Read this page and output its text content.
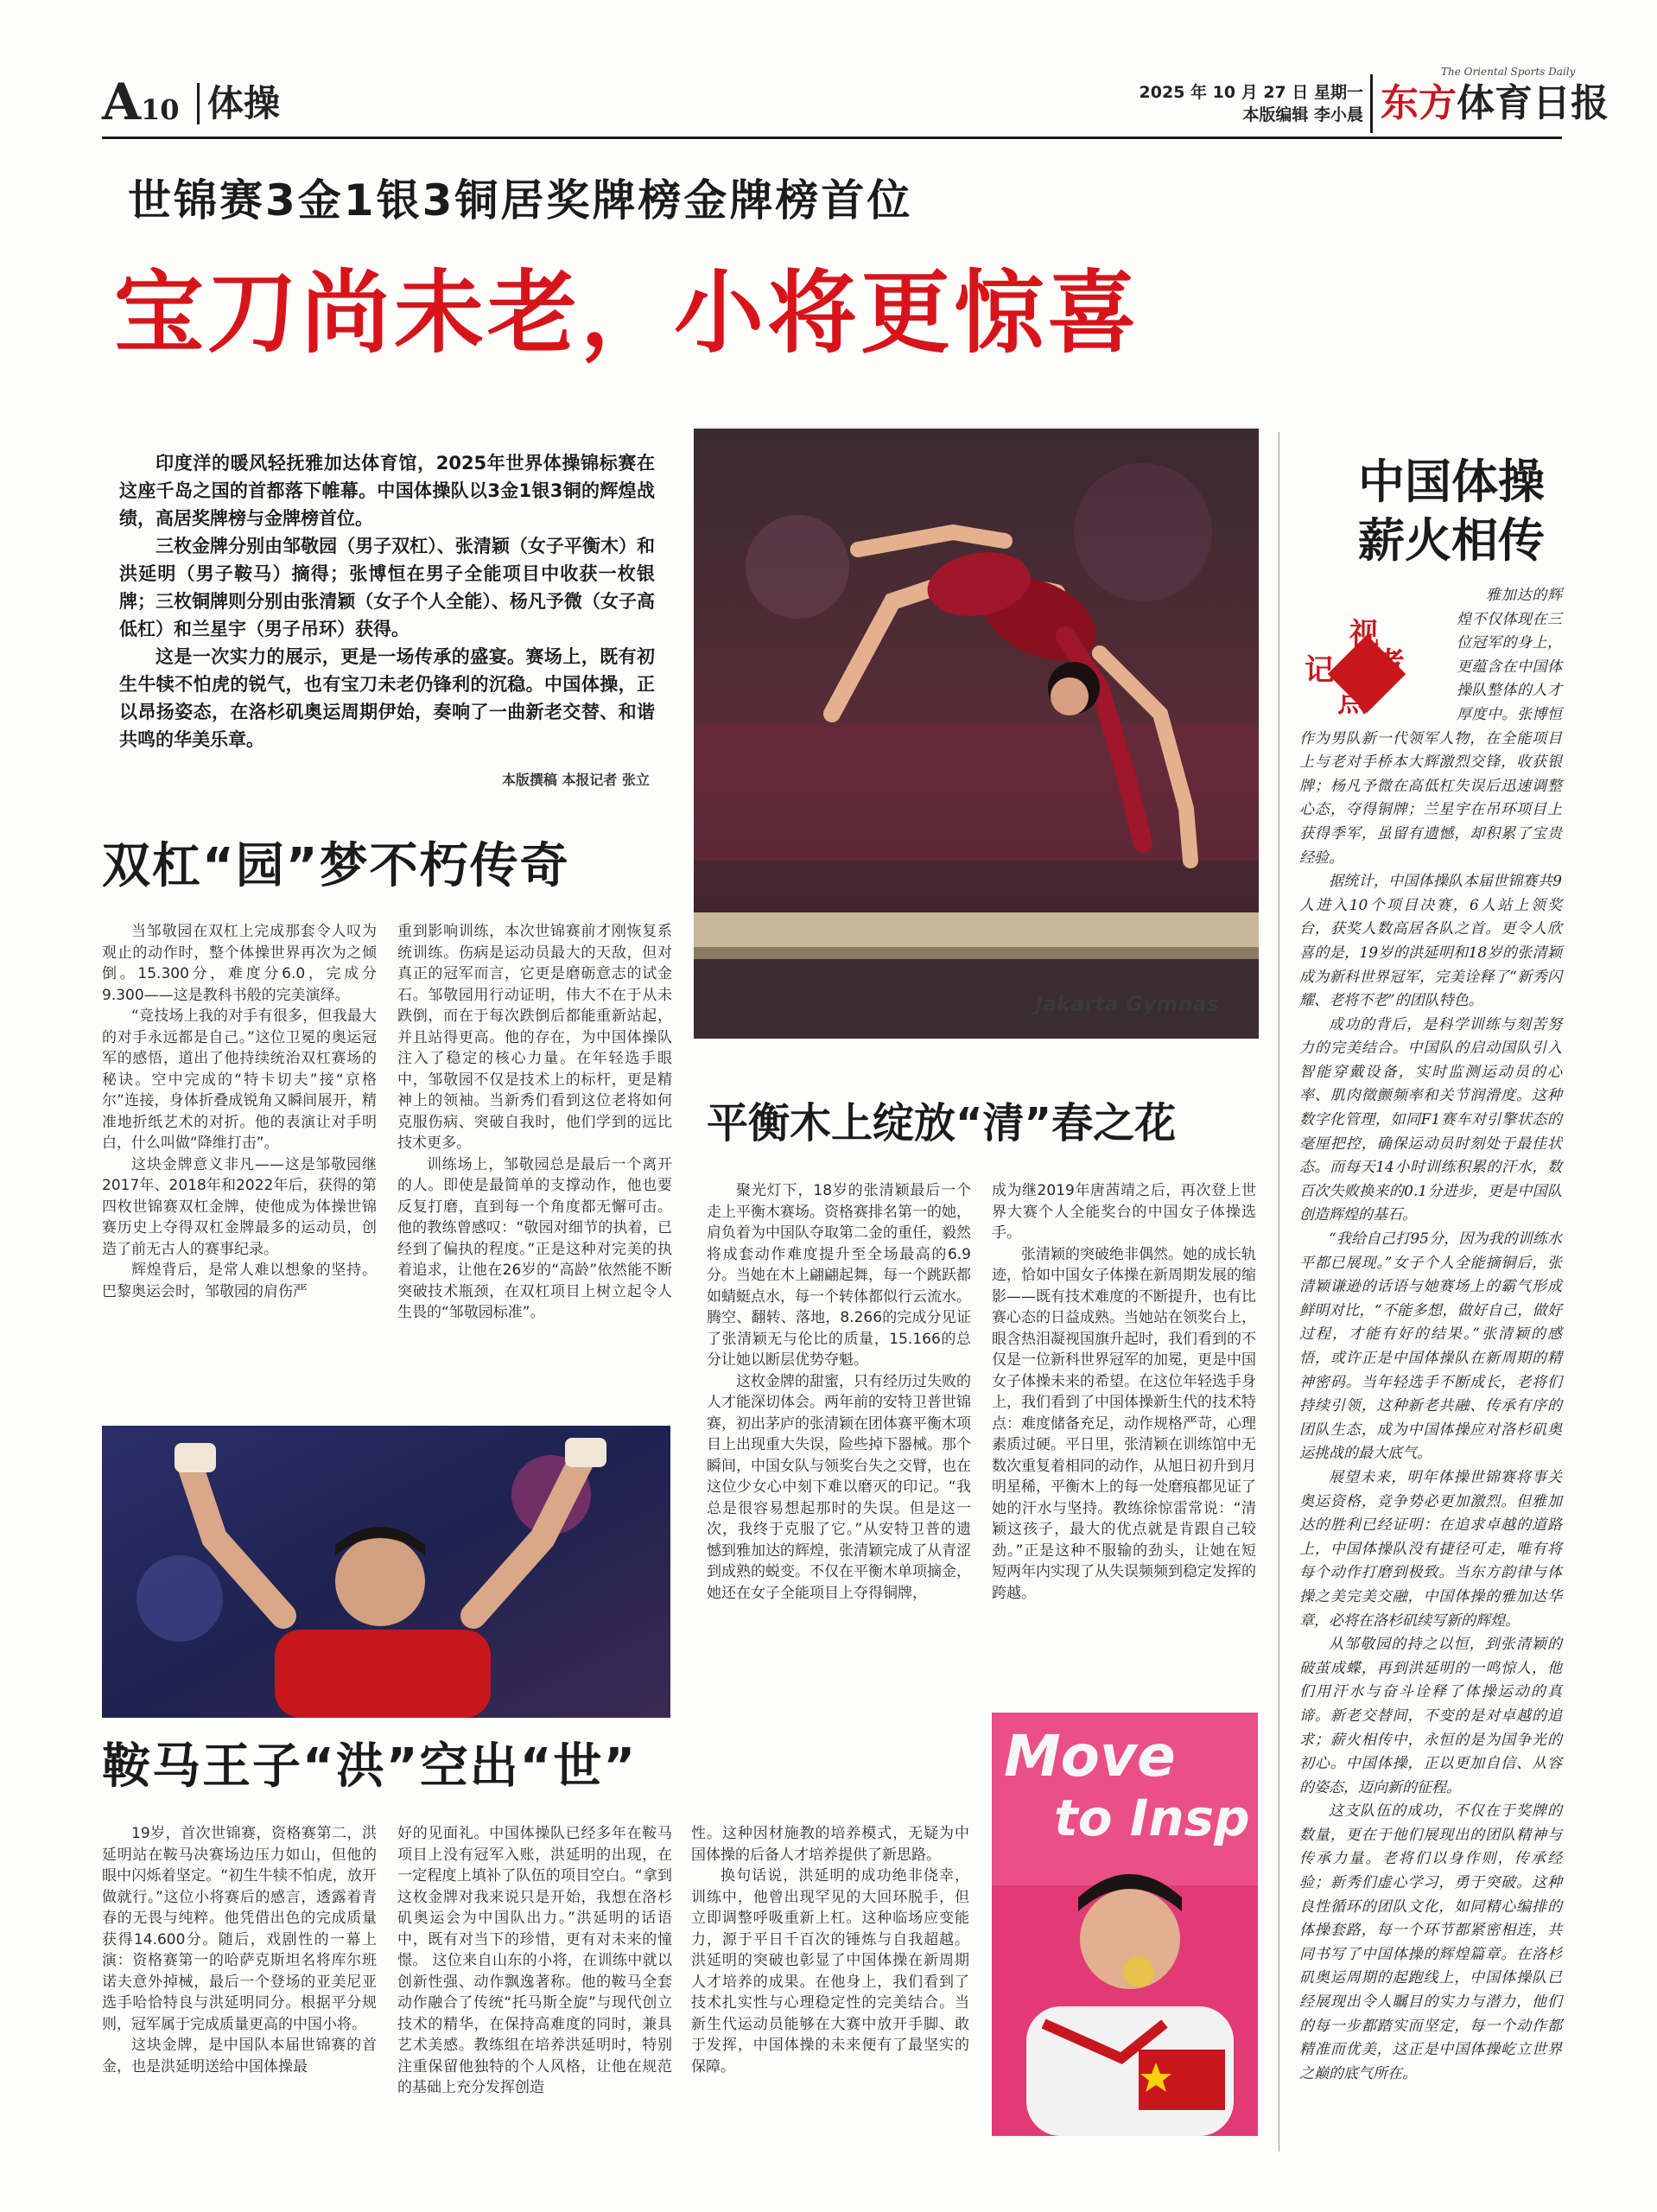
A10 体操	2025 年 10 月 27 日 星期一
本版编辑 李小晨
The Oriental Sports Daily
东方体育日报
世锦赛3金1银3铜居奖牌榜金牌榜首位
宝刀尚未老，小将更惊喜

印度洋的暖风轻抚雅加达体育馆，2025年世界体操锦标赛在这座千岛之国的首都落下帷幕。中国体操队以3金1银3铜的辉煌战绩，高居奖牌榜与金牌榜首位。

三枚金牌分别由邹敬园（男子双杠）、张清颖（女子平衡木）和洪延明（男子鞍马）摘得；张博恒在男子全能项目中收获一枚银牌；三枚铜牌则分别由张清颖（女子个人全能）、杨凡予微（女子高低杠）和兰星宇（男子吊环）获得。

这是一次实力的展示，更是一场传承的盛宴。赛场上，既有初生牛犊不怕虎的锐气，也有宝刀未老仍锋利的沉稳。中国体操，正以昂扬姿态，在洛杉矶奥运周期伊始，奏响了一曲新老交替、和谐共鸣的华美乐章。

本版撰稿 本报记者 张立
Jakarta Gymnas
双杠“园”梦不朽传奇

当邹敬园在双杠上完成那套令人叹为观止的动作时，整个体操世界再次为之倾倒。15.300分，难度分6.0，完成分9.300——这是教科书般的完美演绎。

“竞技场上我的对手有很多，但我最大的对手永远都是自己。”这位卫冕的奥运冠军的感悟，道出了他持续统治双杠赛场的秘诀。空中完成的“特卡切夫”接“京格尔”连接，身体折叠成锐角又瞬间展开，精准地折纸艺术的对折。他的表演让对手明白，什么叫做“降维打击”。

这块金牌意义非凡——这是邹敬园继2017年、2018年和2022年后，获得的第四枚世锦赛双杠金牌，使他成为体操世锦赛历史上夺得双杠金牌最多的运动员，创造了前无古人的赛事纪录。

辉煌背后，是常人难以想象的坚持。巴黎奥运会时，邹敬园的肩伤严

重到影响训练，本次世锦赛前才刚恢复系统训练。伤病是运动员最大的天敌，但对真正的冠军而言，它更是磨砺意志的试金石。邹敬园用行动证明，伟大不在于从未跌倒，而在于每次跌倒后都能重新站起，并且站得更高。他的存在，为中国体操队注入了稳定的核心力量。在年轻选手眼中，邹敬园不仅是技术上的标杆，更是精神上的领袖。当新秀们看到这位老将如何克服伤病、突破自我时，他们学到的远比技术更多。

训练场上，邹敬园总是最后一个离开的人。即使是最简单的支撑动作，他也要反复打磨，直到每一个角度都无懈可击。他的教练曾感叹：“敬园对细节的执着，已经到了偏执的程度。”正是这种对完美的执着追求，让他在26岁的“高龄”依然能不断突破技术瓶颈，在双杠项目上树立起令人生畏的“邹敬园标准”。

平衡木上绽放“清”春之花

聚光灯下，18岁的张清颖最后一个走上平衡木赛场。资格赛排名第一的她，肩负着为中国队夺取第二金的重任，毅然将成套动作难度提升至全场最高的6.9分。当她在木上翩翩起舞，每一个跳跃都如蜻蜓点水，每一个转体都似行云流水。腾空、翻转、落地，8.266的完成分见证了张清颖无与伦比的质量，15.166的总分让她以断层优势夺魁。

这枚金牌的甜蜜，只有经历过失败的人才能深切体会。两年前的安特卫普世锦赛，初出茅庐的张清颖在团体赛平衡木项目上出现重大失误，险些掉下器械。那个瞬间，中国女队与领奖台失之交臂，也在这位少女心中刻下难以磨灭的印记。“我总是很容易想起那时的失误。但是这一次，我终于克服了它。”从安特卫普的遗憾到雅加达的辉煌，张清颖完成了从青涩到成熟的蜕变。不仅在平衡木单项摘金，她还在女子全能项目上夺得铜牌，

成为继2019年唐茜靖之后，再次登上世界大赛个人全能奖台的中国女子体操选手。

张清颖的突破绝非偶然。她的成长轨迹，恰如中国女子体操在新周期发展的缩影——既有技术难度的不断提升，也有比赛心态的日益成熟。当她站在领奖台上，眼含热泪凝视国旗升起时，我们看到的不仅是一位新科世界冠军的加冕，更是中国女子体操未来的希望。在这位年轻选手身上，我们看到了中国体操新生代的技术特点：难度储备充足，动作规格严苛，心理素质过硬。平日里，张清颖在训练馆中无数次重复着相同的动作，从旭日初升到月明星稀，平衡木上的每一处磨痕都见证了她的汗水与坚持。教练徐惊雷常说：“清颖这孩子，最大的优点就是肯跟自己较劲。”正是这种不服输的劲头，让她在短短两年内实现了从失误频频到稳定发挥的跨越。

鞍马王子“洪”空出“世”

19岁，首次世锦赛，资格赛第二，洪延明站在鞍马决赛场边压力如山，但他的眼中闪烁着坚定。“初生牛犊不怕虎，放开做就行。”这位小将赛后的感言，透露着青春的无畏与纯粹。他凭借出色的完成质量获得14.600分。随后，戏剧性的一幕上演：资格赛第一的哈萨克斯坦名将库尔班诺夫意外掉械，最后一个登场的亚美尼亚选手哈恰特良与洪延明同分。根据平分规则，冠军属于完成质量更高的中国小将。

这块金牌，是中国队本届世锦赛的首金，也是洪延明送给中国体操最

好的见面礼。中国体操队已经多年在鞍马项目上没有冠军入账，洪延明的出现，在一定程度上填补了队伍的项目空白。“拿到这枚金牌对我来说只是开始，我想在洛杉矶奥运会为中国队出力。”洪延明的话语中，既有对当下的珍惜，更有对未来的憧憬。 这位来自山东的小将，在训练中就以创新性强、动作飘逸著称。他的鞍马全套动作融合了传统“托马斯全旋”与现代创立技术的精华，在保持高难度的同时，兼具艺术美感。教练组在培养洪延明时，特别注重保留他独特的个人风格，让他在规范的基础上充分发挥创造

性。这种因材施教的培养模式，无疑为中国体操的后备人才培养提供了新思路。

换句话说，洪延明的成功绝非侥幸，训练中，他曾出现罕见的大回环脱手，但立即调整呼吸重新上杠。这种临场应变能力，源于平日千百次的锤炼与自我超越。洪延明的突破也彰显了中国体操在新周期人才培养的成果。在他身上，我们看到了技术扎实性与心理稳定性的完美结合。当新生代运动员能够在大赛中放开手脚、敢于发挥，中国体操的未来便有了最坚实的保障。

Move
to Insp
中国体操
薪火相传
记 者
视
点

雅加达的辉煌不仅体现在三位冠军的身上，更蕴含在中国体操队整体的人才厚度中。张博恒作为男队新一代领军人物，在全能项目上与老对手桥本大辉激烈交锋，收获银牌；杨凡予微在高低杠失误后迅速调整心态，夺得铜牌；兰星宇在吊环项目上获得季军，虽留有遗憾，却积累了宝贵经验。

据统计，中国体操队本届世锦赛共9人进入10个项目决赛，6人站上领奖台，获奖人数高居各队之首。更令人欣喜的是，19岁的洪延明和18岁的张清颖成为新科世界冠军，完美诠释了“新秀闪耀、老将不老”的团队特色。

成功的背后，是科学训练与刻苦努力的完美结合。中国队的启动国队引入智能穿戴设备，实时监测运动员的心率、肌肉徵颤频率和关节润滑度。这种数字化管理，如同F1赛车对引擎状态的毫厘把控，确保运动员时刻处于最佳状态。而每天14小时训练积累的汗水，数百次失败换来的0.1分进步，更是中国队创造辉煌的基石。

“我给自己打95分，因为我的训练水平都已展现。”女子个人全能摘铜后，张清颖谦逊的话语与她赛场上的霸气形成鲜明对比，“不能多想，做好自己，做好过程，才能有好的结果。”张清颖的感悟，或许正是中国体操队在新周期的精神密码。当年轻选手不断成长，老将们持续引领，这种新老共融、传承有序的团队生态，成为中国体操应对洛杉矶奥运挑战的最大底气。

展望未来，明年体操世锦赛将事关奥运资格，竞争势必更加激烈。但雅加达的胜利已经证明：在追求卓越的道路上，中国体操队没有捷径可走，唯有将每个动作打磨到极致。当东方韵律与体操之美完美交融，中国体操的雅加达华章，必将在洛杉矶续写新的辉煌。

从邹敬园的持之以恒，到张清颖的破茧成蝶，再到洪延明的一鸣惊人，他们用汗水与奋斗诠释了体操运动的真谛。新老交替间，不变的是对卓越的追求；薪火相传中，永恒的是为国争光的初心。中国体操，正以更加自信、从容的姿态，迈向新的征程。

这支队伍的成功，不仅在于奖牌的数量，更在于他们展现出的团队精神与传承力量。老将们以身作则，传承经验；新秀们虚心学习，勇于突破。这种良性循环的团队文化，如同精心编排的体操套路，每一个环节都紧密相连，共同书写了中国体操的辉煌篇章。在洛杉矶奥运周期的起跑线上，中国体操队已经展现出令人瞩目的实力与潜力，他们的每一步都踏实而坚定，每一个动作都精准而优美，这正是中国体操屹立世界之巅的底气所在。
